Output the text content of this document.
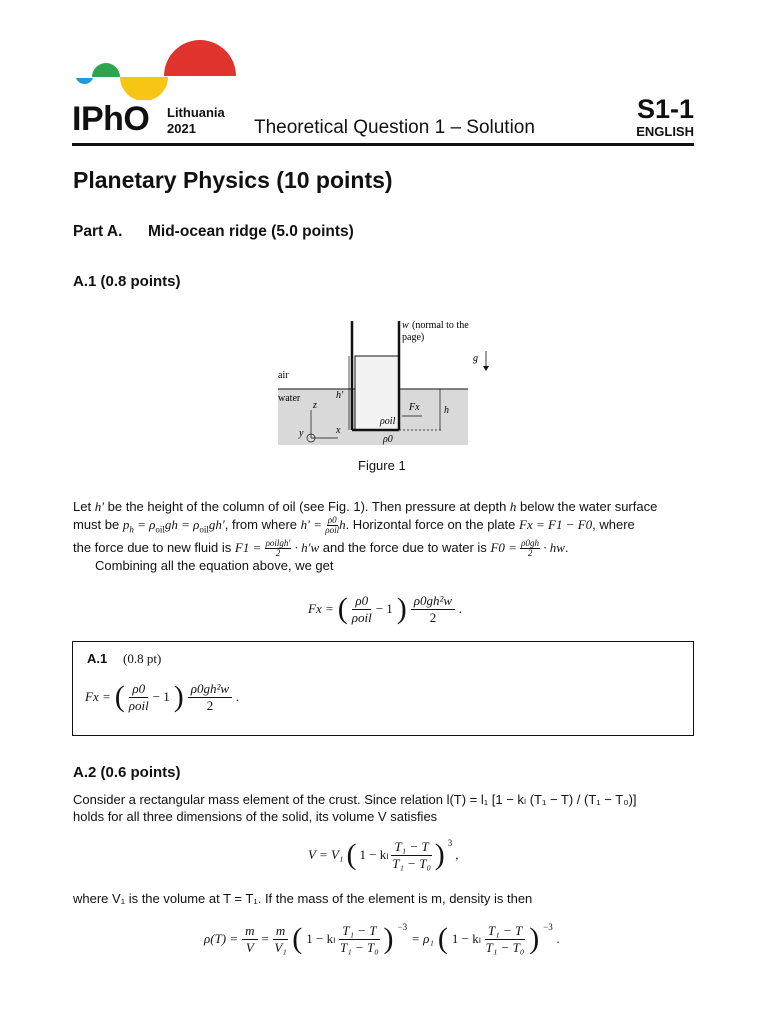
IPhO Lithuania
2021	Theoretical Question 1 – Solution
S1-1
ENGLISH
Planetary Physics (10 points)
Part A. Mid-ocean ridge (5.0 points)
A.1 (0.8 points)
w (normal to the
page)
g
air
water	h′
z
x
y
ρoil
ρ0
Fx h
Figure 1
Let h′ be the height of the column of oil (see Fig. 1). Then pressure at depth h below the water surface
must be $p_h = \rho_{oil}gh = \rho_{oil}gh'$, from where $h' = \frac{\rho 0}{\text{ρoil}} h$. Horizontal force on the plate Fx = F1 − F0, where
the force due to new fluid is $F1 = \frac{\text{ρoilgh′}}{2} \cdot h'w$ and the force due to water is $F0 = \frac{\rho 0gh}{2}$ · hw.
Combining all the equation above, we get
Fx = ( ρ0
ρoil
− 1 ) $\frac{\text{ρ0gh²w}}{2}$ .
A.1 (0.8 pt)
Fx = ( ρ0
ρoil
− 1 ) $\frac{\text{ρ0gh²w}}{2}$ .
A.2 (0.6 points)
Consider a rectangular mass element of the crust. Since relation l(T) = l₁ [1 − kₗ (T₁ − T) / (T₁ − T₀)]
holds for all three dimensions of the solid, its volume V satisfies
V = V₁ ( 1 − kₗ $\frac{\text{T₁ − T}}{\text{T₁ − T₀}}$ ) 3
,
where V₁ is the volume at T = T₁. If the mass of the element is m, density is then
$\rho(T) = \frac{m}{V} = \frac{m}{\text{V₁}}$ ( 1 − kₗ $\frac{\text{T₁ − T}}{\text{T₁ − T₀}}$ ) −3
= ρ₁ ( 1 − kₗ $\frac{\text{T₁ − T}}{\text{T₁ − T₀}}$ ) −3
.
